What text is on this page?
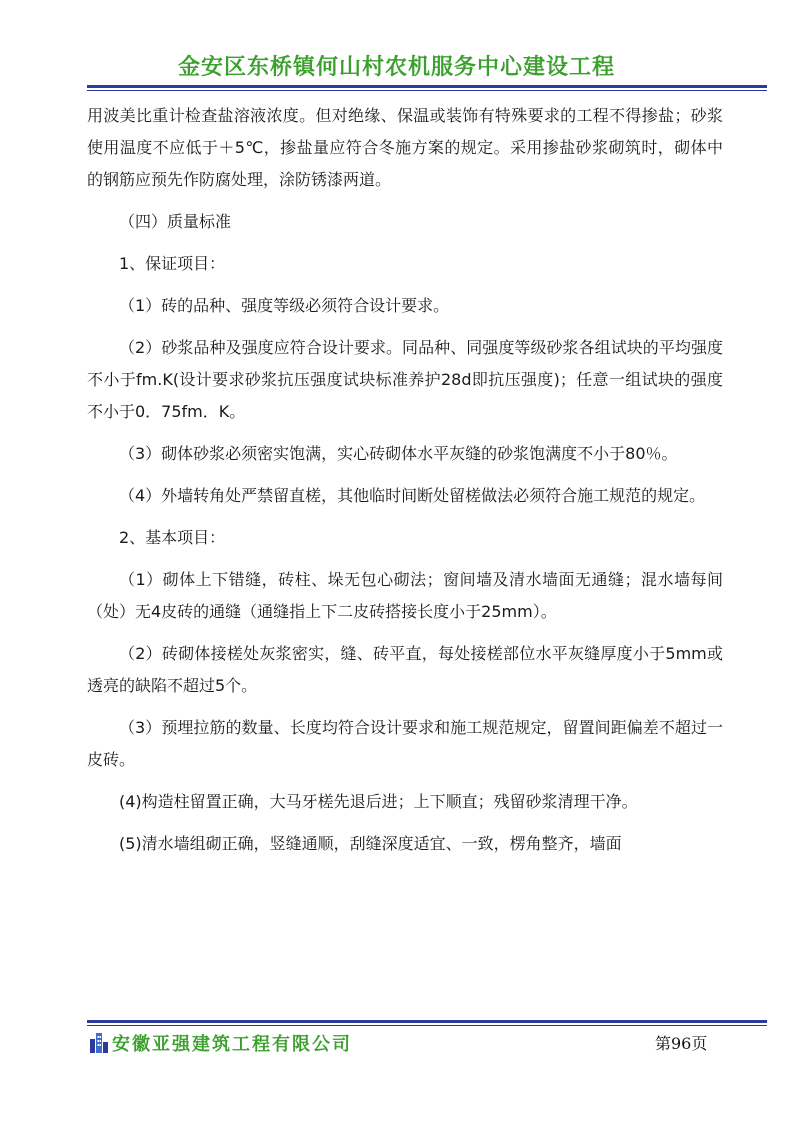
金安区东桥镇何山村农机服务中心建设工程

用波美比重计检查盐溶液浓度。但对绝缘、保温或装饰有特殊要求的工程不得掺盐；砂浆使用温度不应低于＋5℃，掺盐量应符合冬施方案的规定。采用掺盐砂浆砌筑时，砌体中的钢筋应预先作防腐处理，涂防锈漆两道。

（四）质量标准

1、保证项目：

（1）砖的品种、强度等级必须符合设计要求。

（2）砂浆品种及强度应符合设计要求。同品种、同强度等级砂浆各组试块的平均强度不小于fm.K(设计要求砂浆抗压强度试块标准养护28d即抗压强度)；任意一组试块的强度不小于0．75fm．K。

（3）砌体砂浆必须密实饱满，实心砖砌体水平灰缝的砂浆饱满度不小于80％。

（4）外墙转角处严禁留直槎，其他临时间断处留槎做法必须符合施工规范的规定。

2、基本项目：

（1）砌体上下错缝，砖柱、垛无包心砌法；窗间墙及清水墙面无通缝；混水墙每间（处）无4皮砖的通缝（通缝指上下二皮砖搭接长度小于25mm）。

（2）砖砌体接槎处灰浆密实，缝、砖平直，每处接槎部位水平灰缝厚度小于5mm或透亮的缺陷不超过5个。

（3）预埋拉筋的数量、长度均符合设计要求和施工规范规定，留置间距偏差不超过一皮砖。

(4)构造柱留置正确，大马牙槎先退后进；上下顺直；残留砂浆清理干净。

(5)清水墙组砌正确，竖缝通顺，刮缝深度适宜、一致，楞角整齐，墙面

安徽亚强建筑工程有限公司	第96页
